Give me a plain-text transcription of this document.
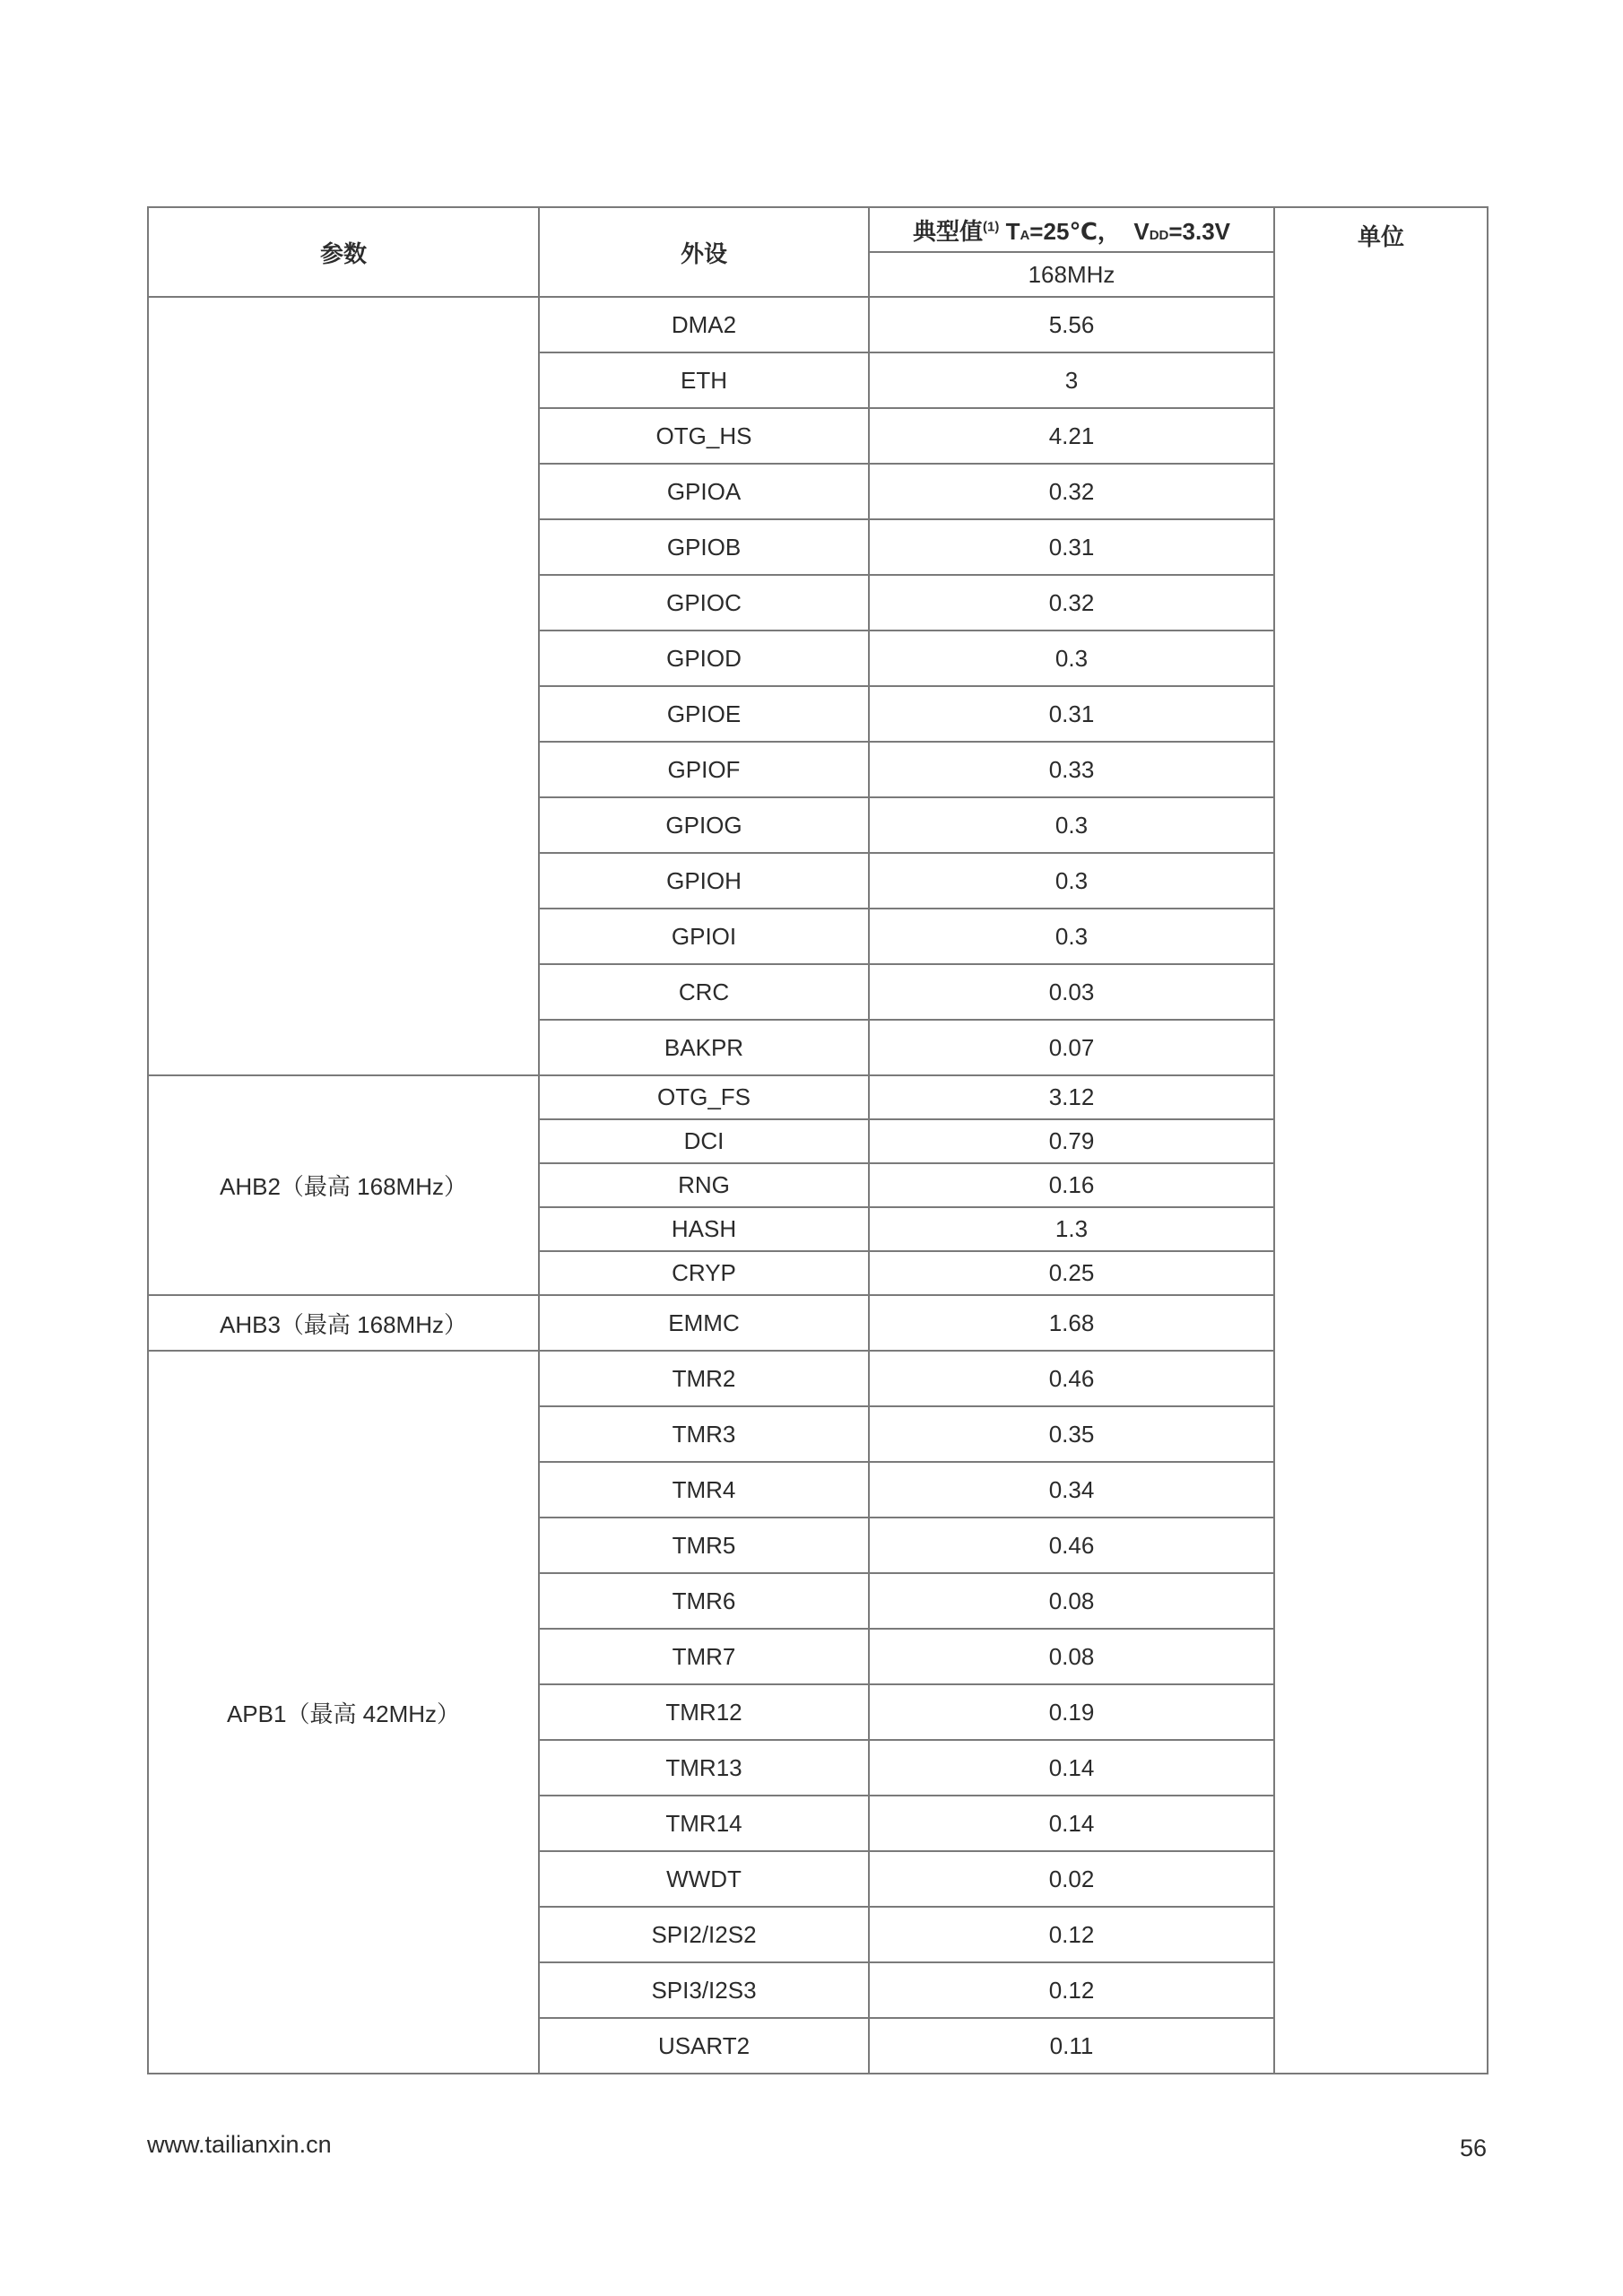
参数	外设	典型值$^{(1)}$ TA=25℃， VDD=3.3V	单位
		168MHz	
	DMA2	5.56	
	ETH	3	
	OTG_HS	4.21	
	GPIOA	0.32	
	GPIOB	0.31	
	GPIOC	0.32	
	GPIOD	0.3	
	GPIOE	0.31	
	GPIOF	0.33	
	GPIOG	0.3	
	GPIOH	0.3	
	GPIOI	0.3	
	CRC	0.03	
	BAKPR	0.07	
AHB2（最高 168MHz）	OTG_FS	3.12	
	DCI	0.79	
	RNG	0.16	
	HASH	1.3	
	CRYP	0.25	
AHB3（最高 168MHz）	EMMC	1.68	
APB1（最高 42MHz）	TMR2	0.46	
	TMR3	0.35	
	TMR4	0.34	
	TMR5	0.46	
	TMR6	0.08	
	TMR7	0.08	
	TMR12	0.19	
	TMR13	0.14	
	TMR14	0.14	
	WWDT	0.02	
	SPI2/I2S2	0.12	
	SPI3/I2S3	0.12	
	USART2	0.11	
www.tailianxin.cn	56
